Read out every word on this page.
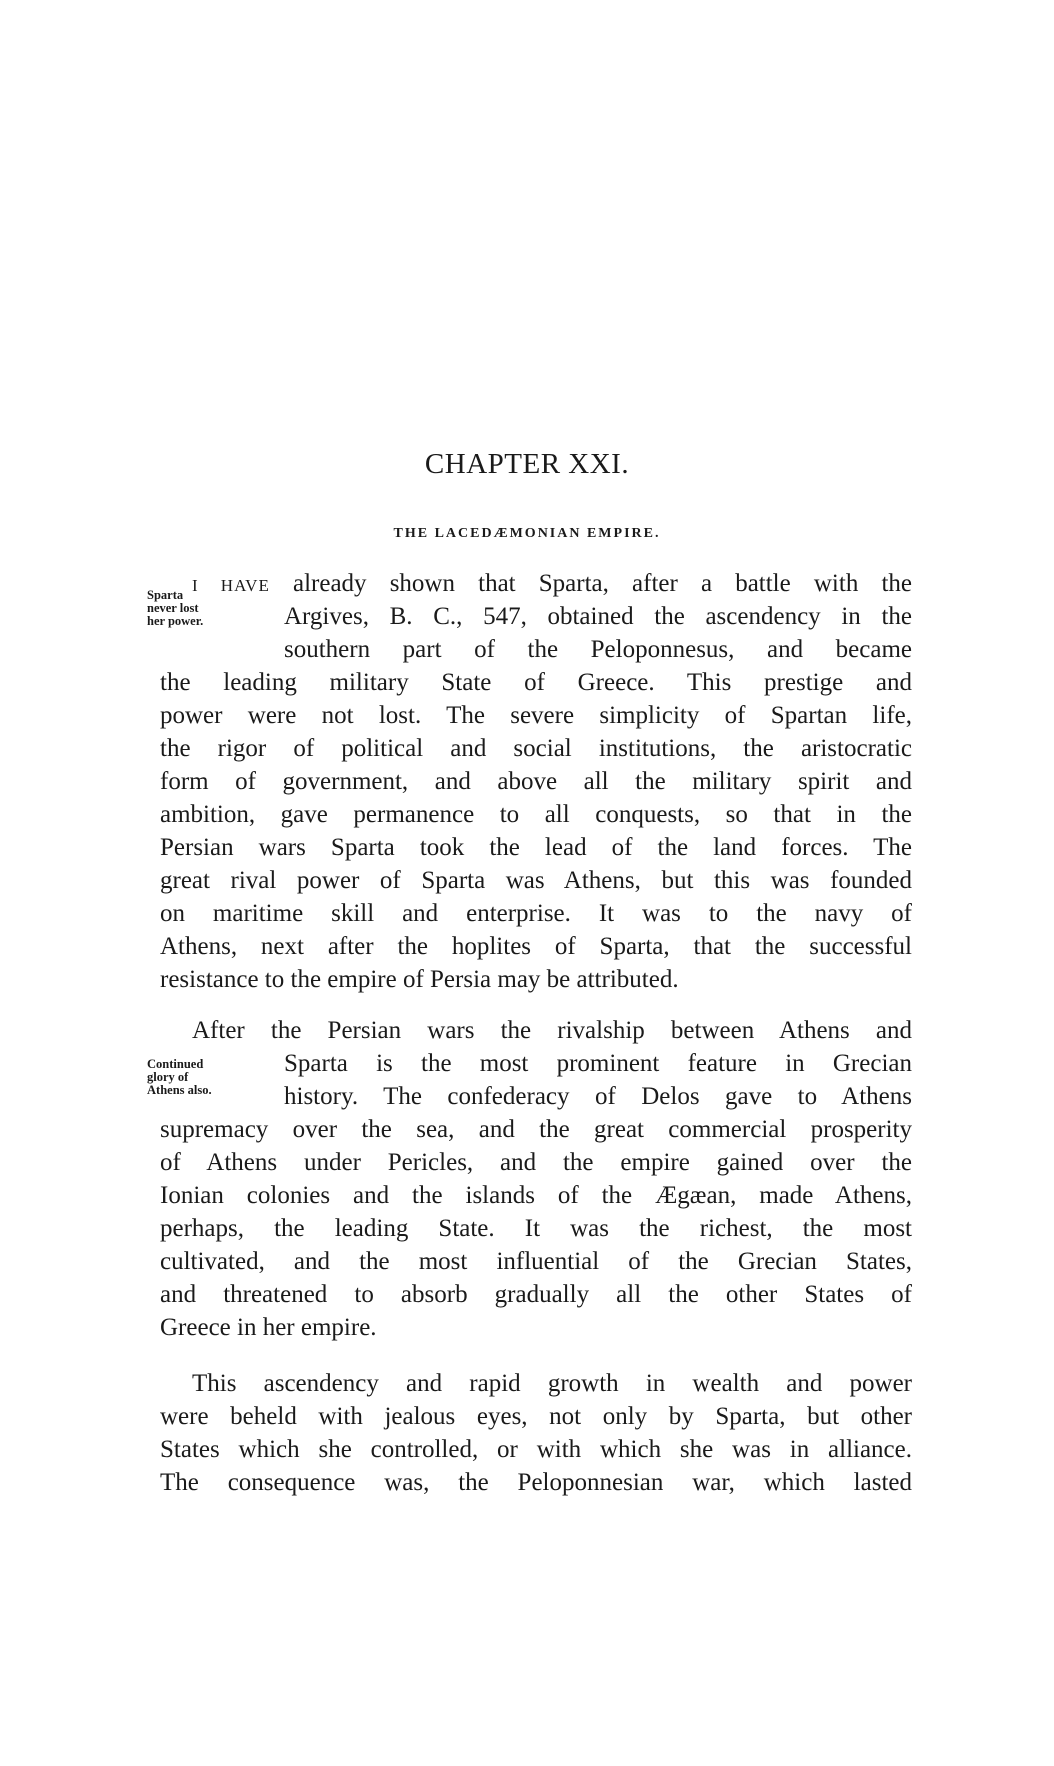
CHAPTER XXI.
THE LACEDÆMONIAN EMPIRE.
Sparta
never lost
her power.
I HAVE already shown that Sparta, after a battle with the
Argives, B. C., 547, obtained the ascendency in the
southern part of the Peloponnesus, and became
the leading military State of Greece. This prestige and
power were not lost. The severe simplicity of Spartan life,
the rigor of political and social institutions, the aristocratic
form of government, and above all the military spirit and
ambition, gave permanence to all conquests, so that in the
Persian wars Sparta took the lead of the land forces. The
great rival power of Sparta was Athens, but this was founded
on maritime skill and enterprise. It was to the navy of
Athens, next after the hoplites of Sparta, that the successful
resistance to the empire of Persia may be attributed.
Continued
glory of
Athens also.
After the Persian wars the rivalship between Athens and
Sparta is the most prominent feature in Grecian
history. The confederacy of Delos gave to Athens
supremacy over the sea, and the great commercial prosperity
of Athens under Pericles, and the empire gained over the
Ionian colonies and the islands of the Ægæan, made Athens,
perhaps, the leading State. It was the richest, the most
cultivated, and the most influential of the Grecian States,
and threatened to absorb gradually all the other States of
Greece in her empire.
This ascendency and rapid growth in wealth and power
were beheld with jealous eyes, not only by Sparta, but other
States which she controlled, or with which she was in alliance.
The consequence was, the Peloponnesian war, which lasted
